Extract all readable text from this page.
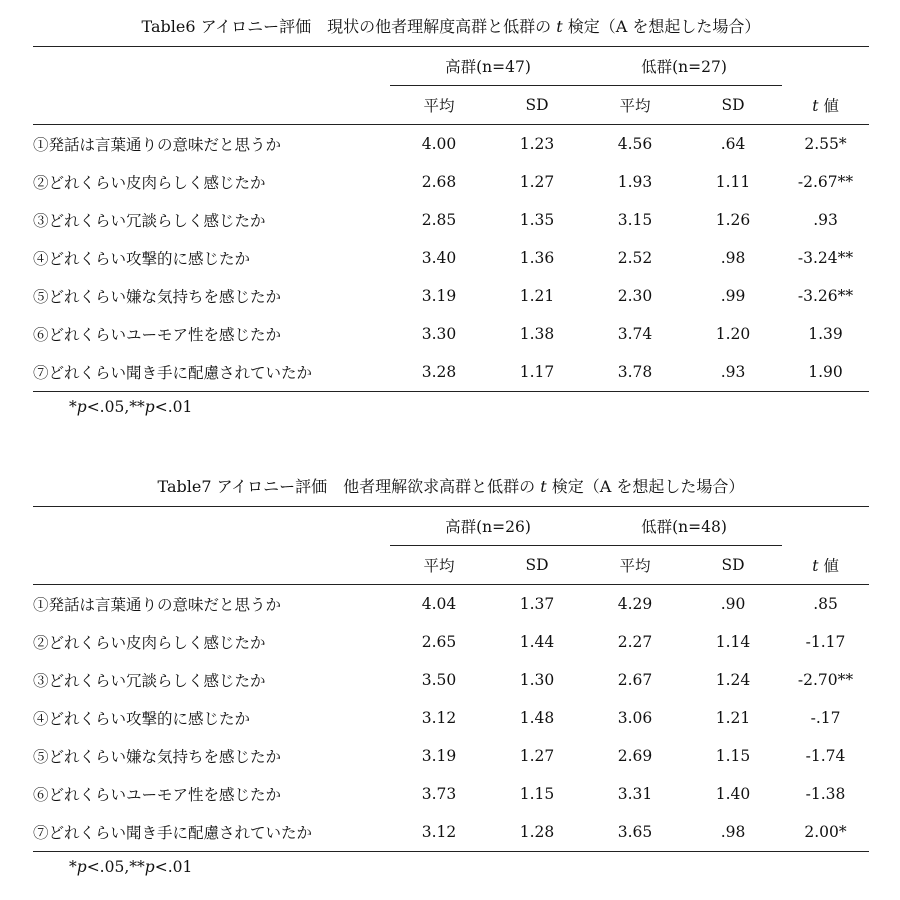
Table6 アイロニー評価　現状の他者理解度高群と低群の t 検定（A を想起した場合）
	高群(n=47)		低群(n=27)		
	平均	SD	平均	SD	t 値
①発話は言葉通りの意味だと思うか	4.00	1.23	4.56	.64	2.55*
②どれくらい皮肉らしく感じたか	2.68	1.27	1.93	1.11	-2.67**
③どれくらい冗談らしく感じたか	2.85	1.35	3.15	1.26	.93
④どれくらい攻撃的に感じたか	3.40	1.36	2.52	.98	-3.24**
⑤どれくらい嫌な気持ちを感じたか	3.19	1.21	2.30	.99	-3.26**
⑥どれくらいユーモア性を感じたか	3.30	1.38	3.74	1.20	1.39
⑦どれくらい聞き手に配慮されていたか	3.28	1.17	3.78	.93	1.90
*p<.05,**p<.01
Table7 アイロニー評価　他者理解欲求高群と低群の t 検定（A を想起した場合）
	高群(n=26)		低群(n=48)		
	平均	SD	平均	SD	t 値
①発話は言葉通りの意味だと思うか	4.04	1.37	4.29	.90	.85
②どれくらい皮肉らしく感じたか	2.65	1.44	2.27	1.14	-1.17
③どれくらい冗談らしく感じたか	3.50	1.30	2.67	1.24	-2.70**
④どれくらい攻撃的に感じたか	3.12	1.48	3.06	1.21	-.17
⑤どれくらい嫌な気持ちを感じたか	3.19	1.27	2.69	1.15	-1.74
⑥どれくらいユーモア性を感じたか	3.73	1.15	3.31	1.40	-1.38
⑦どれくらい聞き手に配慮されていたか	3.12	1.28	3.65	.98	2.00*
*p<.05,**p<.01
